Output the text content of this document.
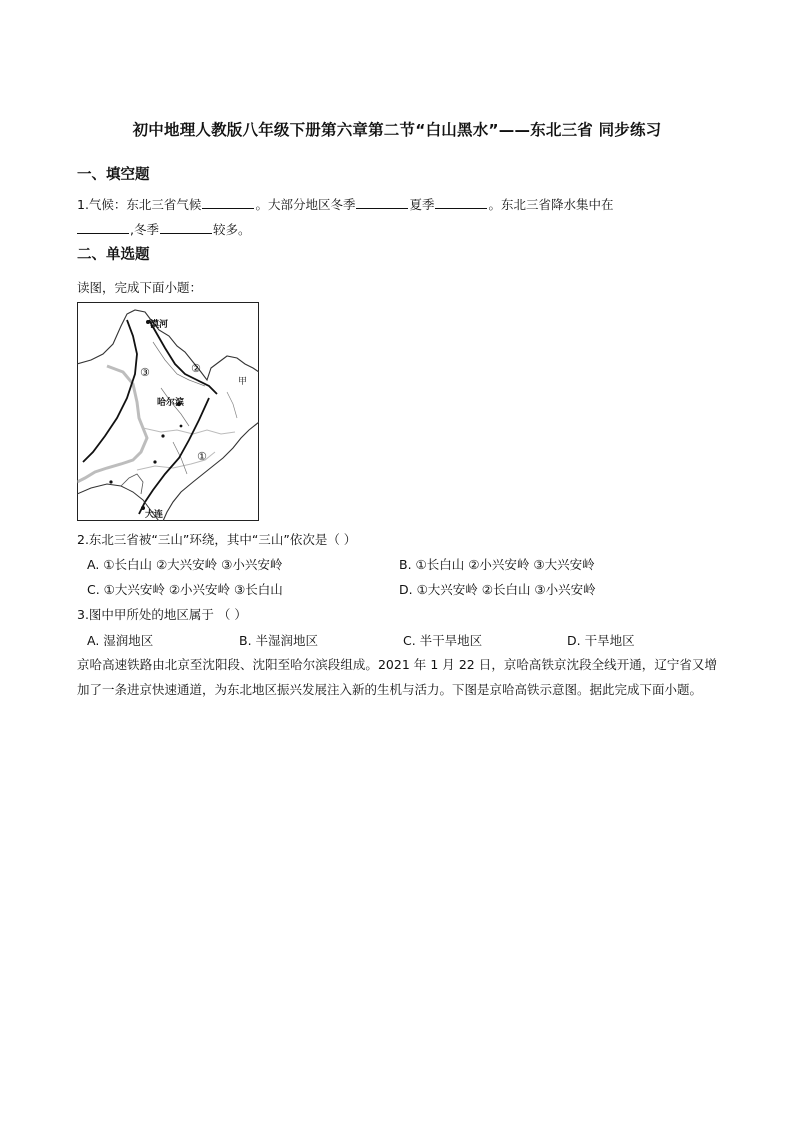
初中地理人教版八年级下册第六章第二节“白山黑水”——东北三省 同步练习
一、填空题
1.气候：东北三省气候	。大部分地区冬季	夏季	。东北三省降水集中在
,冬季	较多。
二、单选题
读图，完成下面小题：
漠河
哈尔滨
大连
甲
③	②
①
2.东北三省被“三山”环绕，其中“三山”依次是（ ）
A. ①长白山 ②大兴安岭 ③小兴安岭	B. ①长白山 ②小兴安岭 ③大兴安岭
C. ①大兴安岭 ②小兴安岭 ③长白山	D. ①大兴安岭 ②长白山 ③小兴安岭
3.图中甲所处的地区属于 （ ）
A. 湿润地区	B. 半湿润地区	C. 半干旱地区	D. 干旱地区
京哈高速铁路由北京至沈阳段、沈阳至哈尔滨段组成。2021 年 1 月 22 日，京哈高铁京沈段全线开通，辽宁省又增加了一条进京快速通道，为东北地区振兴发展注入新的生机与活力。下图是京哈高铁示意图。据此完成下面小题。
